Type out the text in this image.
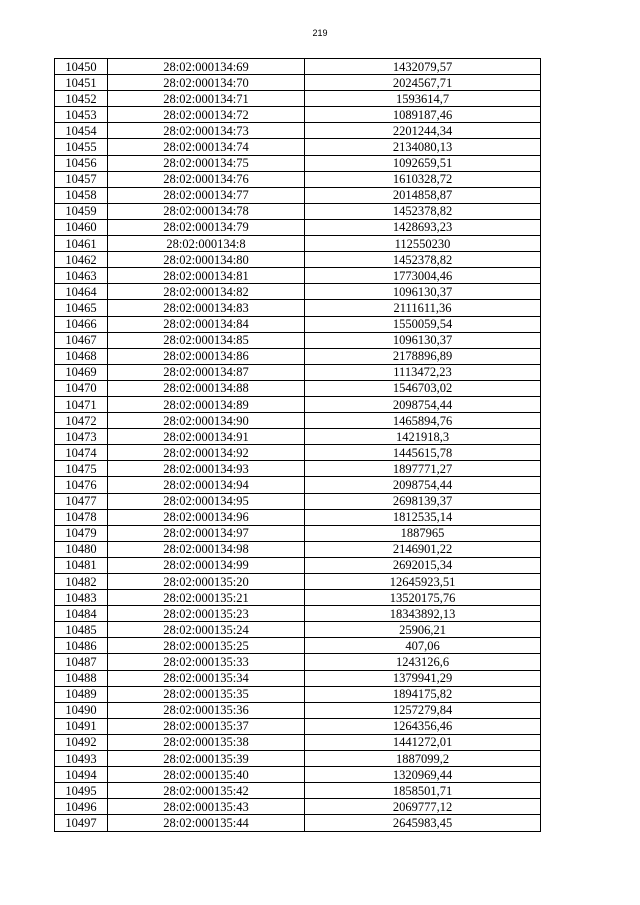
219
10450	28:02:000134:69	1432079,57
10451	28:02:000134:70	2024567,71
10452	28:02:000134:71	1593614,7
10453	28:02:000134:72	1089187,46
10454	28:02:000134:73	2201244,34
10455	28:02:000134:74	2134080,13
10456	28:02:000134:75	1092659,51
10457	28:02:000134:76	1610328,72
10458	28:02:000134:77	2014858,87
10459	28:02:000134:78	1452378,82
10460	28:02:000134:79	1428693,23
10461	28:02:000134:8	112550230
10462	28:02:000134:80	1452378,82
10463	28:02:000134:81	1773004,46
10464	28:02:000134:82	1096130,37
10465	28:02:000134:83	2111611,36
10466	28:02:000134:84	1550059,54
10467	28:02:000134:85	1096130,37
10468	28:02:000134:86	2178896,89
10469	28:02:000134:87	1113472,23
10470	28:02:000134:88	1546703,02
10471	28:02:000134:89	2098754,44
10472	28:02:000134:90	1465894,76
10473	28:02:000134:91	1421918,3
10474	28:02:000134:92	1445615,78
10475	28:02:000134:93	1897771,27
10476	28:02:000134:94	2098754,44
10477	28:02:000134:95	2698139,37
10478	28:02:000134:96	1812535,14
10479	28:02:000134:97	1887965
10480	28:02:000134:98	2146901,22
10481	28:02:000134:99	2692015,34
10482	28:02:000135:20	12645923,51
10483	28:02:000135:21	13520175,76
10484	28:02:000135:23	18343892,13
10485	28:02:000135:24	25906,21
10486	28:02:000135:25	407,06
10487	28:02:000135:33	1243126,6
10488	28:02:000135:34	1379941,29
10489	28:02:000135:35	1894175,82
10490	28:02:000135:36	1257279,84
10491	28:02:000135:37	1264356,46
10492	28:02:000135:38	1441272,01
10493	28:02:000135:39	1887099,2
10494	28:02:000135:40	1320969,44
10495	28:02:000135:42	1858501,71
10496	28:02:000135:43	2069777,12
10497	28:02:000135:44	2645983,45
